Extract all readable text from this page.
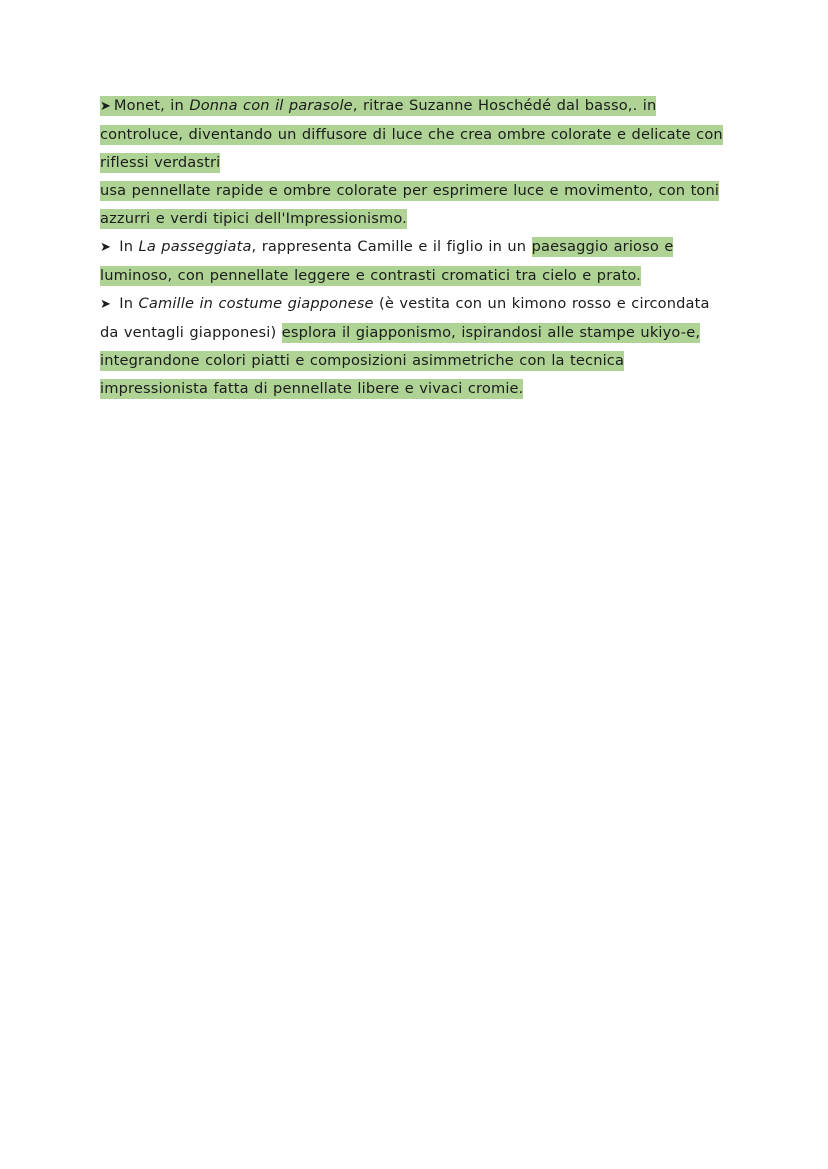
➤ Monet, in Donna con il parasole, ritrae Suzanne Hoschédé dal basso,. in controluce, diventando un diffusore di luce che crea ombre colorate e delicate con riflessi verdastri

usa pennellate rapide e ombre colorate per esprimere luce e movimento, con toni azzurri e verdi tipici dell'Impressionismo.

➤ In La passeggiata, rappresenta Camille e il figlio in un paesaggio arioso e luminoso, con pennellate leggere e contrasti cromatici tra cielo e prato.

➤ In Camille in costume giapponese (è vestita con un kimono rosso e circondata da ventagli giapponesi) esplora il giapponismo, ispirandosi alle stampe ukiyo-e, integrandone colori piatti e composizioni asimmetriche con la tecnica impressionista fatta di pennellate libere e vivaci cromie.
